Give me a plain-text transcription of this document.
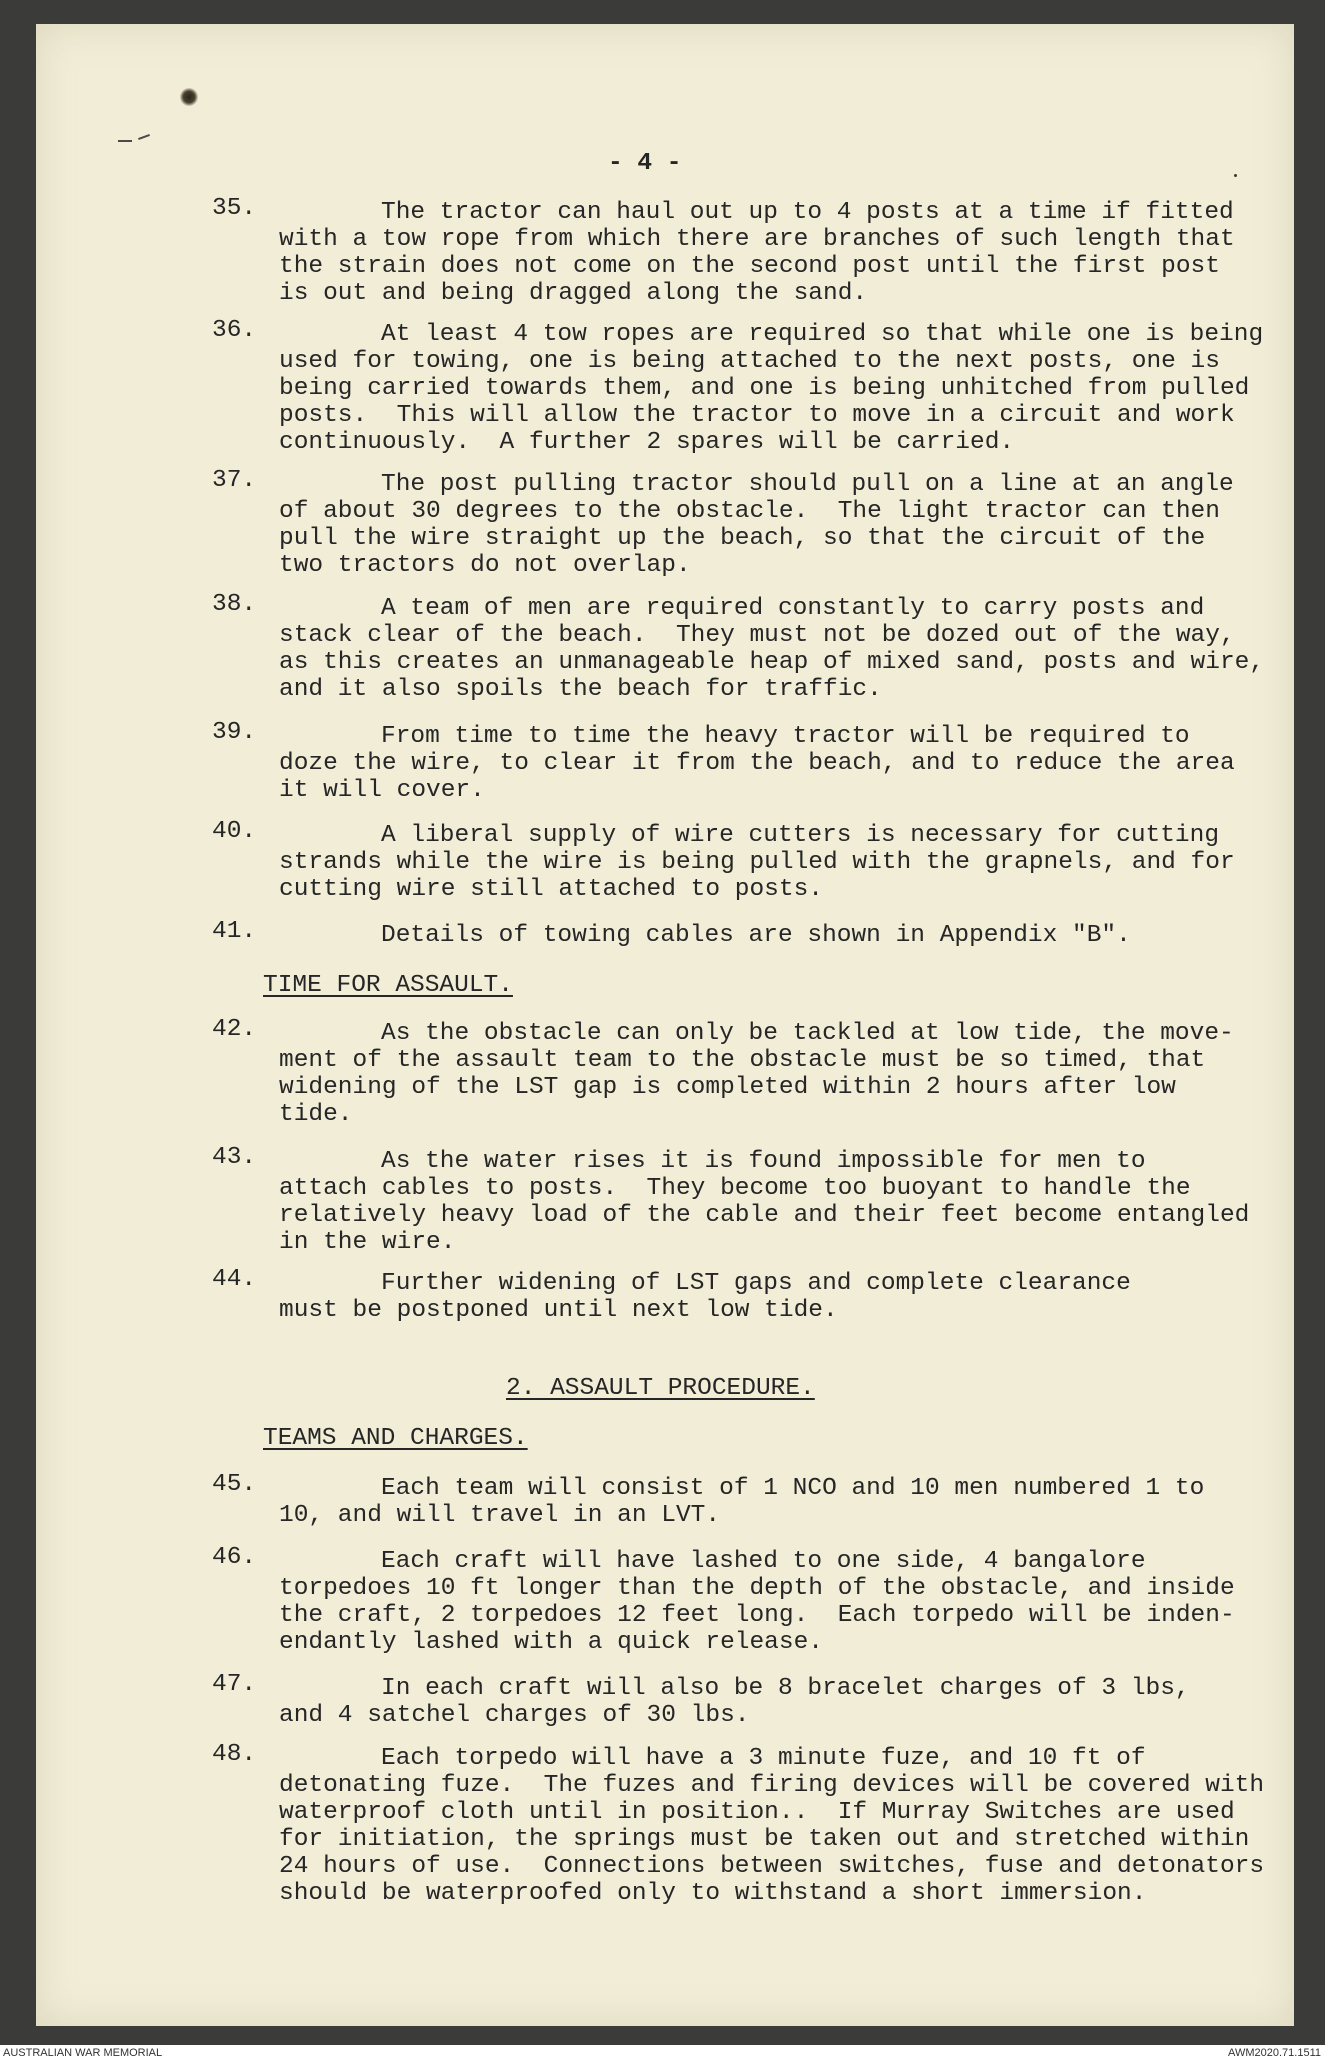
- 4 -
35.	The tractor can haul out up to 4 posts at a time if fitted
with a tow rope from which there are branches of such length that
the strain does not come on the second post until the first post
is out and being dragged along the sand.
36.	At least 4 tow ropes are required so that while one is being
used for towing, one is being attached to the next posts, one is
being carried towards them, and one is being unhitched from pulled
posts.  This will allow the tractor to move in a circuit and work
continuously.  A further 2 spares will be carried.
37.	The post pulling tractor should pull on a line at an angle
of about 30 degrees to the obstacle.  The light tractor can then
pull the wire straight up the beach, so that the circuit of the
two tractors do not overlap.
38.	A team of men are required constantly to carry posts and
stack clear of the beach.  They must not be dozed out of the way,
as this creates an unmanageable heap of mixed sand, posts and wire,
and it also spoils the beach for traffic.
39.	From time to time the heavy tractor will be required to
doze the wire, to clear it from the beach, and to reduce the area
it will cover.
40.	A liberal supply of wire cutters is necessary for cutting
strands while the wire is being pulled with the grapnels, and for
cutting wire still attached to posts.
41.	Details of towing cables are shown in Appendix "B".
TIME FOR ASSAULT.
42.	As the obstacle can only be tackled at low tide, the move-
ment of the assault team to the obstacle must be so timed, that
widening of the LST gap is completed within 2 hours after low
tide.
43.	As the water rises it is found impossible for men to
attach cables to posts.  They become too buoyant to handle the
relatively heavy load of the cable and their feet become entangled
in the wire.
44.	Further widening of LST gaps and complete clearance
must be postponed until next low tide.
2. ASSAULT PROCEDURE.
TEAMS AND CHARGES.
45.	Each team will consist of 1 NCO and 10 men numbered 1 to
10, and will travel in an LVT.
46.	Each craft will have lashed to one side, 4 bangalore
torpedoes 10 ft longer than the depth of the obstacle, and inside
the craft, 2 torpedoes 12 feet long.  Each torpedo will be inden-
endantly lashed with a quick release.
47.	In each craft will also be 8 bracelet charges of 3 lbs,
and 4 satchel charges of 30 lbs.
48.	Each torpedo will have a 3 minute fuze, and 10 ft of
detonating fuze.  The fuzes and firing devices will be covered with
waterproof cloth until in position..  If Murray Switches are used
for initiation, the springs must be taken out and stretched within
24 hours of use.  Connections between switches, fuse and detonators
should be waterproofed only to withstand a short immersion.
AUSTRALIAN WAR MEMORIAL	AWM2020.71.1511
